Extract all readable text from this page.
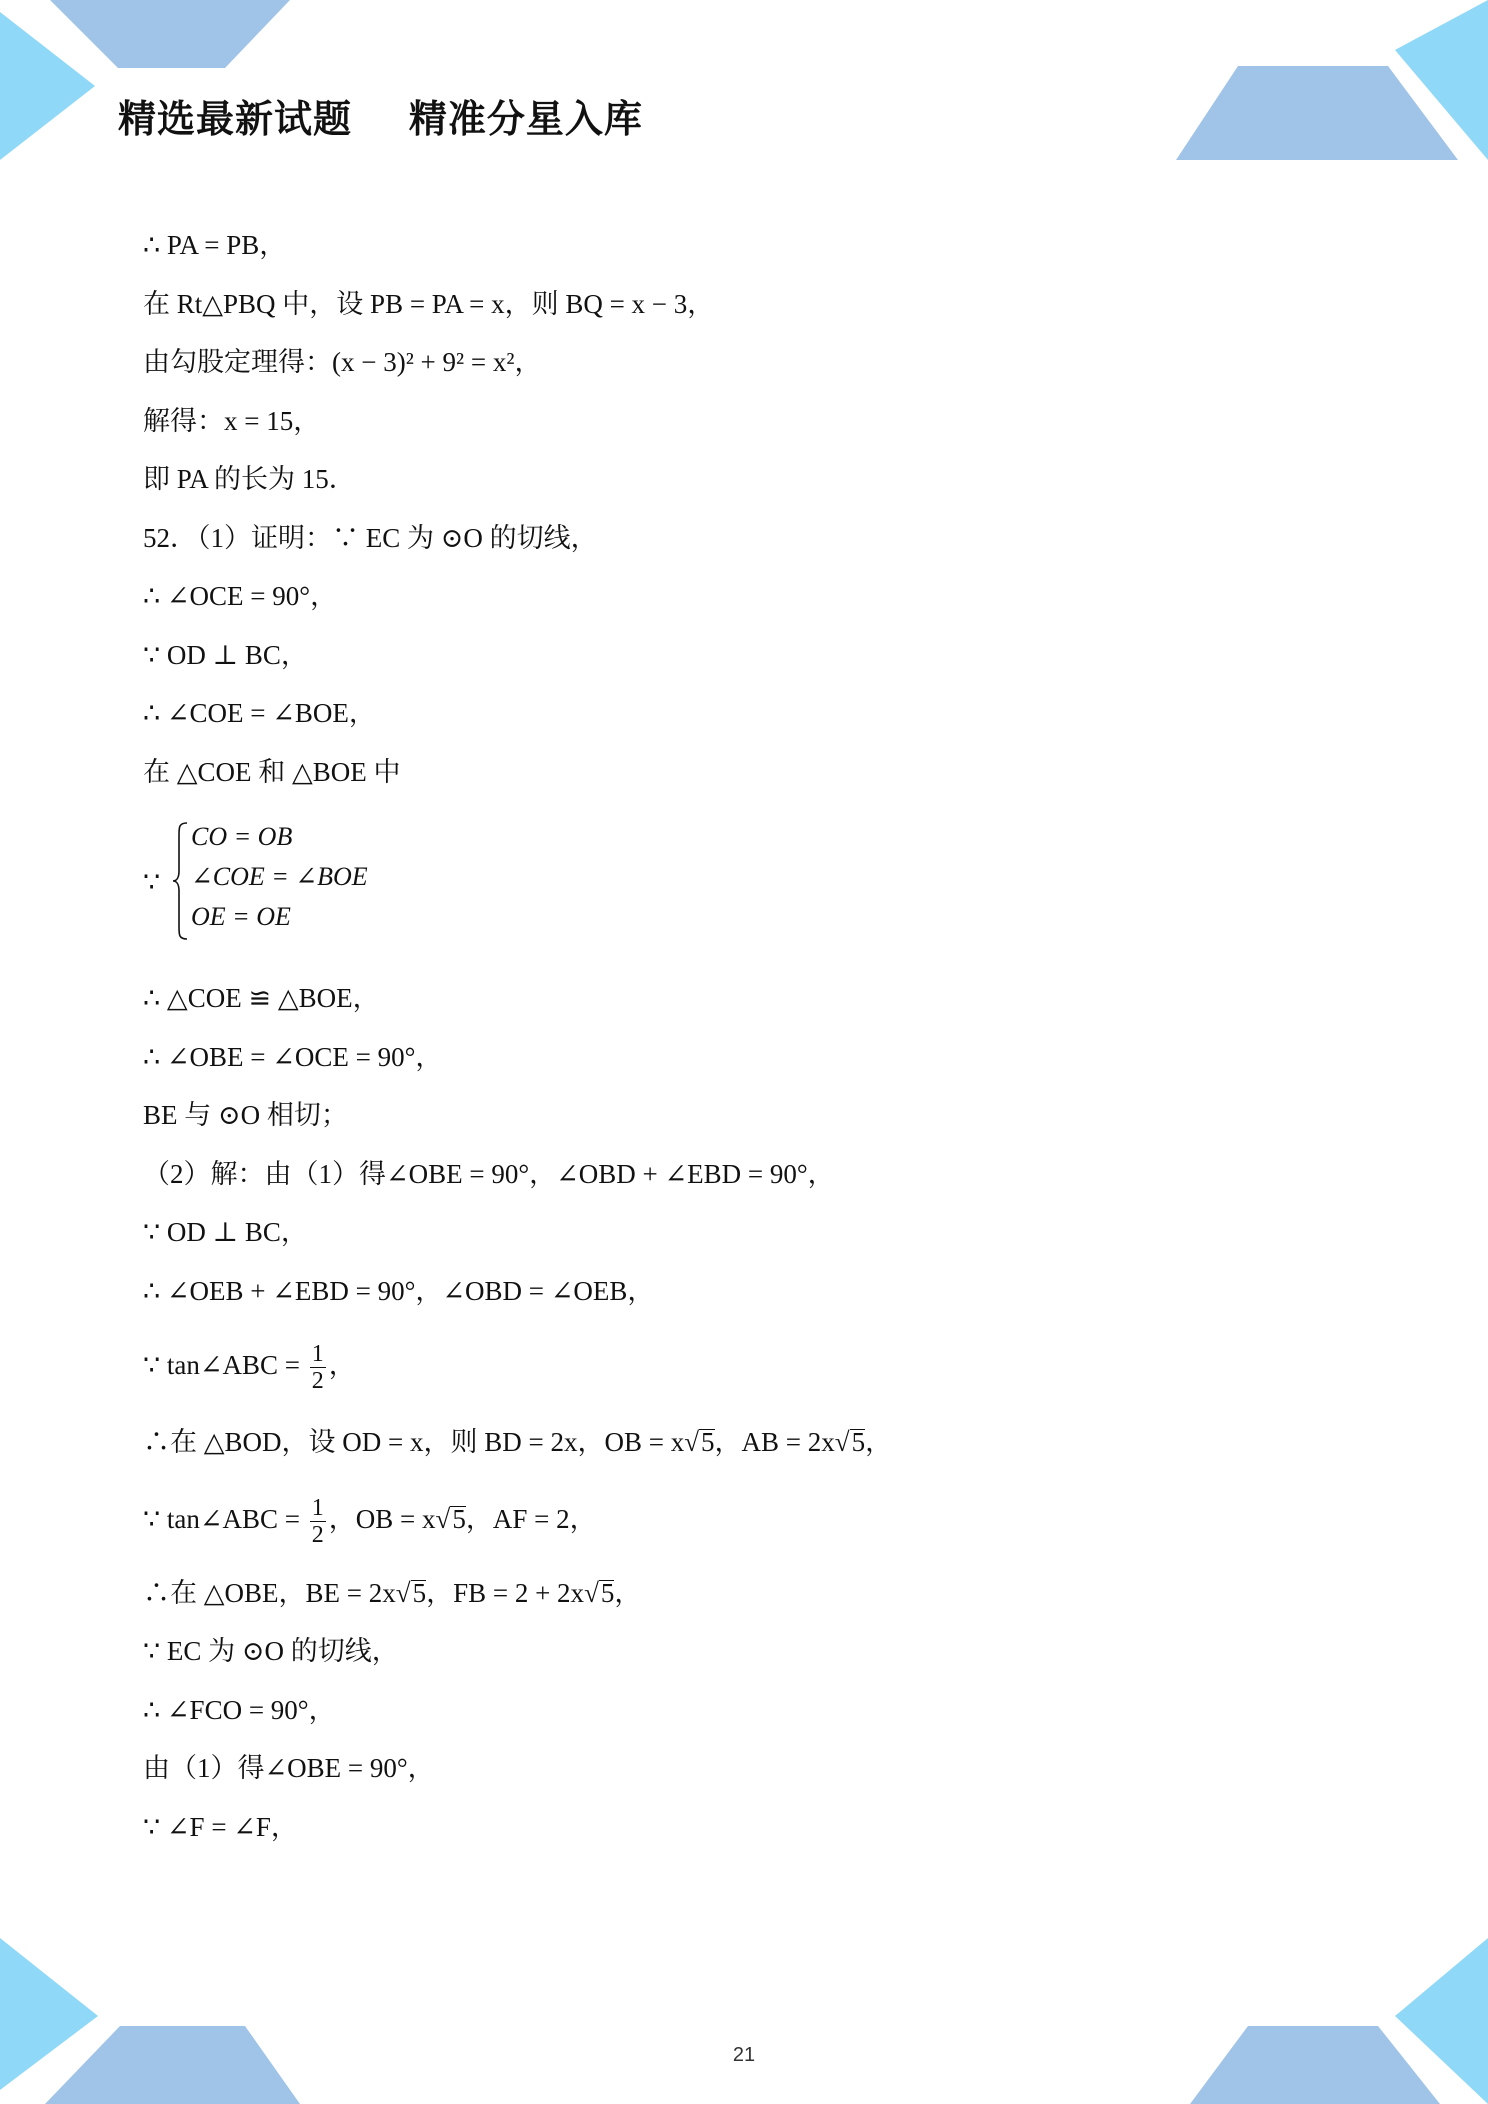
精选最新试题    精准分星入库
∴ PA = PB，
在 Rt△PBQ 中，设 PB = PA = x，则 BQ = x − 3，
由勾股定理得：(x − 3)² + 9² = x²，
解得：x = 15，
即 PA 的长为 15．
52．（1）证明：∵ EC 为 ⊙O 的切线，
∴ ∠OCE = 90°，
∵ OD ⊥ BC，
∴ ∠COE = ∠BOE，
在 △COE 和 △BOE 中
∵
CO = OB
∠COE = ∠BOE
OE = OE
∴ △COE ≌ △BOE，
∴ ∠OBE = ∠OCE = 90°，
BE 与 ⊙O 相切；
（2）解：由（1）得∠OBE = 90°，∠OBD + ∠EBD = 90°，
∵ OD ⊥ BC，
∴ ∠OEB + ∠EBD = 90°，∠OBD = ∠OEB，
∵ tan∠ABC = $\frac{1}{2}$ ，
∴在 △BOD，设 OD = x，则 BD = 2x，OB = x√5，AB = 2x√5，
∵ tan∠ABC = $\frac{1}{2}$ ，OB = x√5，AF = 2，
∴在 △OBE，BE = 2x√5，FB = 2 + 2x√5，
∵ EC 为 ⊙O 的切线，
∴ ∠FCO = 90°，
由（1）得∠OBE = 90°，
∵ ∠F = ∠F，
21
